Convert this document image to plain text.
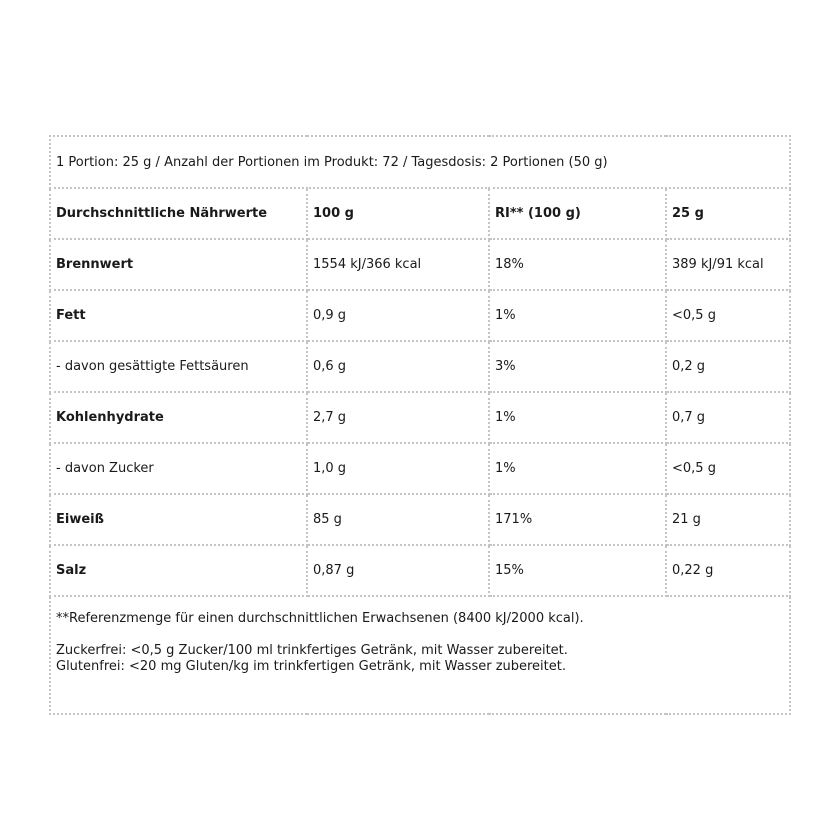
1 Portion: 25 g / Anzahl der Portionen im Produkt: 72 / Tagesdosis: 2 Portionen (50 g)			
Durchschnittliche Nährwerte	100 g	RI** (100 g)	25 g
Brennwert	1554 kJ/366 kcal	18%	389 kJ/91 kcal
Fett	0,9 g	1%	<0,5 g
- davon gesättigte Fettsäuren	0,6 g	3%	0,2 g
Kohlenhydrate	2,7 g	1%	0,7 g
- davon Zucker	1,0 g	1%	<0,5 g
Eiweiß	85 g	171%	21 g
Salz	0,87 g	15%	0,22 g

**Referenzmenge für einen durchschnittlichen Erwachsenen (8400 kJ/2000 kcal).
Zuckerfrei: <0,5 g Zucker/100 ml trinkfertiges Getränk, mit Wasser zubereitet.
Glutenfrei: <20 mg Gluten/kg im trinkfertigen Getränk, mit Wasser zubereitet.			
